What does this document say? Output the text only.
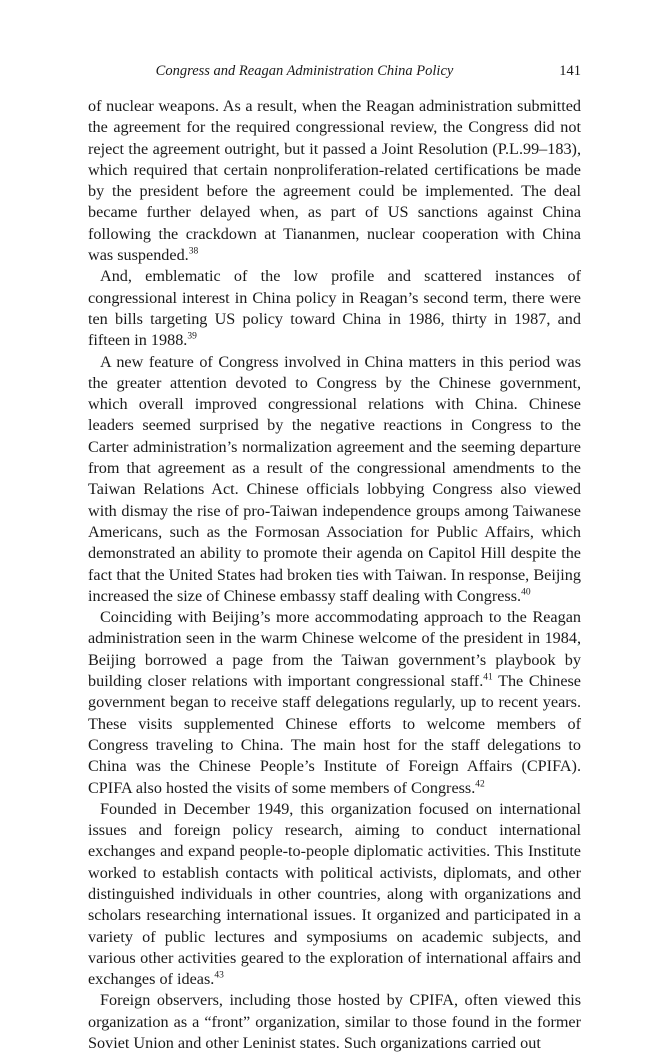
Congress and Reagan Administration China Policy	141

of nuclear weapons. As a result, when the Reagan administration submitted the agreement for the required congressional review, the Congress did not reject the agreement outright, but it passed a Joint Resolution (P.L.99–183), which required that certain nonproliferation-related certifications be made by the president before the agreement could be implemented. The deal became further delayed when, as part of US sanctions against China following the crackdown at Tiananmen, nuclear cooperation with China was suspended.$^{38}$

And, emblematic of the low profile and scattered instances of congressional interest in China policy in Reagan’s second term, there were ten bills targeting US policy toward China in 1986, thirty in 1987, and fifteen in 1988.39

A new feature of Congress involved in China matters in this period was the greater attention devoted to Congress by the Chinese government, which overall improved congressional relations with China. Chinese leaders seemed surprised by the negative reactions in Congress to the Carter administration’s normalization agreement and the seeming departure from that agreement as a result of the congressional amendments to the Taiwan Relations Act. Chinese officials lobbying Congress also viewed with dismay the rise of pro-Taiwan independence groups among Taiwanese Americans, such as the Formosan Association for Public Affairs, which demonstrated an ability to promote their agenda on Capitol Hill despite the fact that the United States had broken ties with Taiwan. In response, Beijing increased the size of Chinese embassy staff dealing with Congress.$^{40}$

Coinciding with Beijing’s more accommodating approach to the Reagan administration seen in the warm Chinese welcome of the president in 1984, Beijing borrowed a page from the Taiwan government’s playbook by building closer relations with important congressional staff.$^{41}$ The Chinese government began to receive staff delegations regularly, up to recent years. These visits supplemented Chinese efforts to welcome members of Congress traveling to China. The main host for the staff delegations to China was the Chinese People’s Institute of Foreign Affairs (CPIFA). CPIFA also hosted the visits of some members of Congress.$^{42}$

Founded in December 1949, this organization focused on international issues and foreign policy research, aiming to conduct international exchanges and expand people-to-people diplomatic activities. This Institute worked to establish contacts with political activists, diplomats, and other distinguished individuals in other countries, along with organizations and scholars researching international issues. It organized and participated in a variety of public lectures and symposiums on academic subjects, and various other activities geared to the exploration of international affairs and exchanges of ideas.$^{43}$

Foreign observers, including those hosted by CPIFA, often viewed this organization as a “front” organization, similar to those found in the former Soviet Union and other Leninist states. Such organizations carried out
